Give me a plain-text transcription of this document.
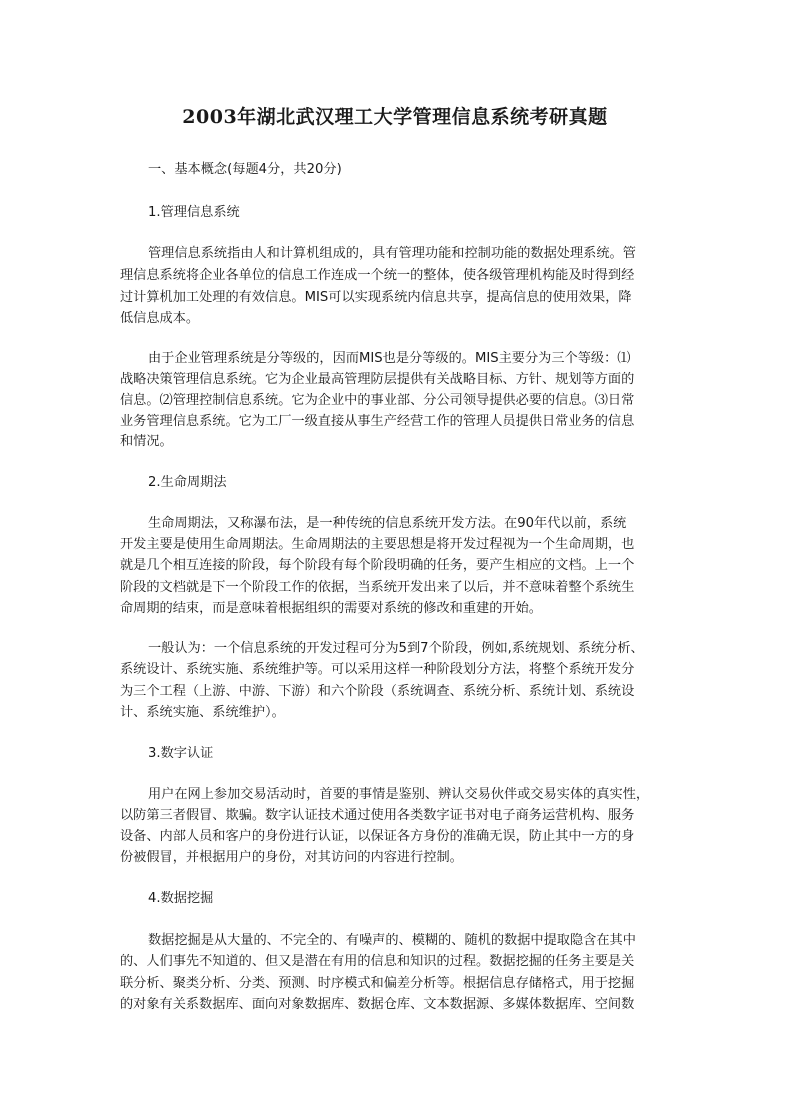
2003年湖北武汉理工大学管理信息系统考研真题
一、基本概念(每题4分，共20分)
1.管理信息系统
管理信息系统指由人和计算机组成的，具有管理功能和控制功能的数据处理系统。管
理信息系统将企业各单位的信息工作连成一个统一的整体，使各级管理机构能及时得到经
过计算机加工处理的有效信息。MIS可以实现系统内信息共享，提高信息的使用效果，降
低信息成本。
由于企业管理系统是分等级的，因而MIS也是分等级的。MIS主要分为三个等级：⑴
战略决策管理信息系统。它为企业最高管理防层提供有关战略目标、方针、规划等方面的
信息。⑵管理控制信息系统。它为企业中的事业部、分公司领导提供必要的信息。⑶日常
业务管理信息系统。它为工厂一级直接从事生产经营工作的管理人员提供日常业务的信息
和情况。
2.生命周期法
生命周期法，又称瀑布法，是一种传统的信息系统开发方法。在90年代以前，系统
开发主要是使用生命周期法。生命周期法的主要思想是将开发过程视为一个生命周期，也
就是几个相互连接的阶段，每个阶段有每个阶段明确的任务，要产生相应的文档。上一个
阶段的文档就是下一个阶段工作的依据，当系统开发出来了以后，并不意味着整个系统生
命周期的结束，而是意味着根据组织的需要对系统的修改和重建的开始。
一般认为：一个信息系统的开发过程可分为5到7个阶段，例如,系统规划、系统分析、
系统设计、系统实施、系统维护等。可以采用这样一种阶段划分方法，将整个系统开发分
为三个工程（上游、中游、下游）和六个阶段（系统调查、系统分析、系统计划、系统设
计、系统实施、系统维护）。
3.数字认证
用户在网上参加交易活动时，首要的事情是鉴别、辨认交易伙伴或交易实体的真实性，
以防第三者假冒、欺骗。数字认证技术通过使用各类数字证书对电子商务运营机构、服务
设备、内部人员和客户的身份进行认证，以保证各方身份的准确无误，防止其中一方的身
份被假冒，并根据用户的身份，对其访问的内容进行控制。
4.数据挖掘
数据挖掘是从大量的、不完全的、有噪声的、模糊的、随机的数据中提取隐含在其中
的、人们事先不知道的、但又是潜在有用的信息和知识的过程。数据挖掘的任务主要是关
联分析、聚类分析、分类、预测、时序模式和偏差分析等。根据信息存储格式，用于挖掘
的对象有关系数据库、面向对象数据库、数据仓库、文本数据源、多媒体数据库、空间数
